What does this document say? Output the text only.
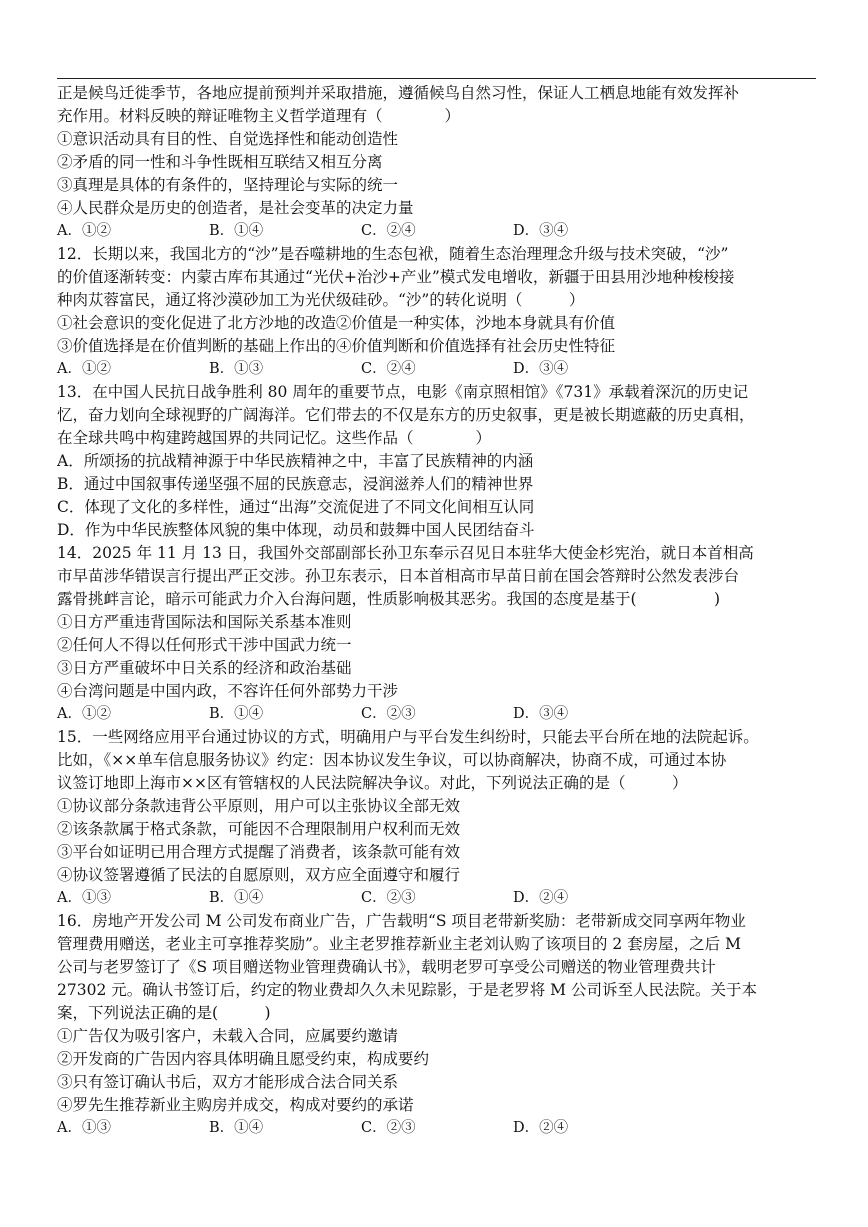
正是候鸟迁徙季节，各地应提前预判并采取措施，遵循候鸟自然习性，保证人工栖息地能有效发挥补
充作用。材料反映的辩证唯物主义哲学道理有（　　　　）
①意识活动具有目的性、自觉选择性和能动创造性
②矛盾的同一性和斗争性既相互联结又相互分离
③真理是具体的有条件的，坚持理论与实际的统一
④人民群众是历史的创造者，是社会变革的决定力量
A．①②	B．①④	C．②④	D．③④
12．长期以来，我国北方的“沙”是吞噬耕地的生态包袱，随着生态治理理念升级与技术突破，“沙”
的价值逐渐转变：内蒙古库布其通过“光伏+治沙+产业”模式发电增收，新疆于田县用沙地种梭梭接
种肉苁蓉富民，通辽将沙漠砂加工为光伏级硅砂。“沙”的转化说明（　　　）
①社会意识的变化促进了北方沙地的改造②价值是一种实体，沙地本身就具有价值
③价值选择是在价值判断的基础上作出的④价值判断和价值选择有社会历史性特征
A．①②	B．①③	C．②④	D．③④
13．在中国人民抗日战争胜利 80 周年的重要节点，电影《南京照相馆》《731》承载着深沉的历史记
忆，奋力划向全球视野的广阔海洋。它们带去的不仅是东方的历史叙事，更是被长期遮蔽的历史真相，
在全球共鸣中构建跨越国界的共同记忆。这些作品（　　　　）
A．所颂扬的抗战精神源于中华民族精神之中，丰富了民族精神的内涵
B．通过中国叙事传递坚强不屈的民族意志，浸润滋养人们的精神世界
C．体现了文化的多样性，通过“出海”交流促进了不同文化间相互认同
D．作为中华民族整体风貌的集中体现，动员和鼓舞中国人民团结奋斗
14．2025 年 11 月 13 日，我国外交部副部长孙卫东奉示召见日本驻华大使金杉宪治，就日本首相高
市早苗涉华错误言行提出严正交涉。孙卫东表示，日本首相高市早苗日前在国会答辩时公然发表涉台
露骨挑衅言论，暗示可能武力介入台海问题，性质影响极其恶劣。我国的态度是基于(　　　　　)
①日方严重违背国际法和国际关系基本准则
②任何人不得以任何形式干涉中国武力统一
③日方严重破坏中日关系的经济和政治基础
④台湾问题是中国内政，不容许任何外部势力干涉
A．①②	B．①④	C．②③	D．③④
15．一些网络应用平台通过协议的方式，明确用户与平台发生纠纷时，只能去平台所在地的法院起诉。
比如，《××单车信息服务协议》约定：因本协议发生争议，可以协商解决，协商不成，可通过本协
议签订地即上海市××区有管辖权的人民法院解决争议。对此，下列说法正确的是（　　　）
①协议部分条款违背公平原则，用户可以主张协议全部无效
②该条款属于格式条款，可能因不合理限制用户权利而无效
③平台如证明已用合理方式提醒了消费者，该条款可能有效
④协议签署遵循了民法的自愿原则，双方应全面遵守和履行
A．①③	B．①④	C．②③	D．②④
16．房地产开发公司 M 公司发布商业广告，广告载明“S 项目老带新奖励：老带新成交同享两年物业
管理费用赠送，老业主可享推荐奖励”。业主老罗推荐新业主老刘认购了该项目的 2 套房屋，之后 M
公司与老罗签订了《S 项目赠送物业管理费确认书》，载明老罗可享受公司赠送的物业管理费共计
27302 元。确认书签订后，约定的物业费却久久未见踪影，于是老罗将 M 公司诉至人民法院。关于本
案，下列说法正确的是(　　　)
①广告仅为吸引客户，未载入合同，应属要约邀请
②开发商的广告因内容具体明确且愿受约束，构成要约
③只有签订确认书后，双方才能形成合法合同关系
④罗先生推荐新业主购房并成交，构成对要约的承诺
A．①③	B．①④	C．②③	D．②④
